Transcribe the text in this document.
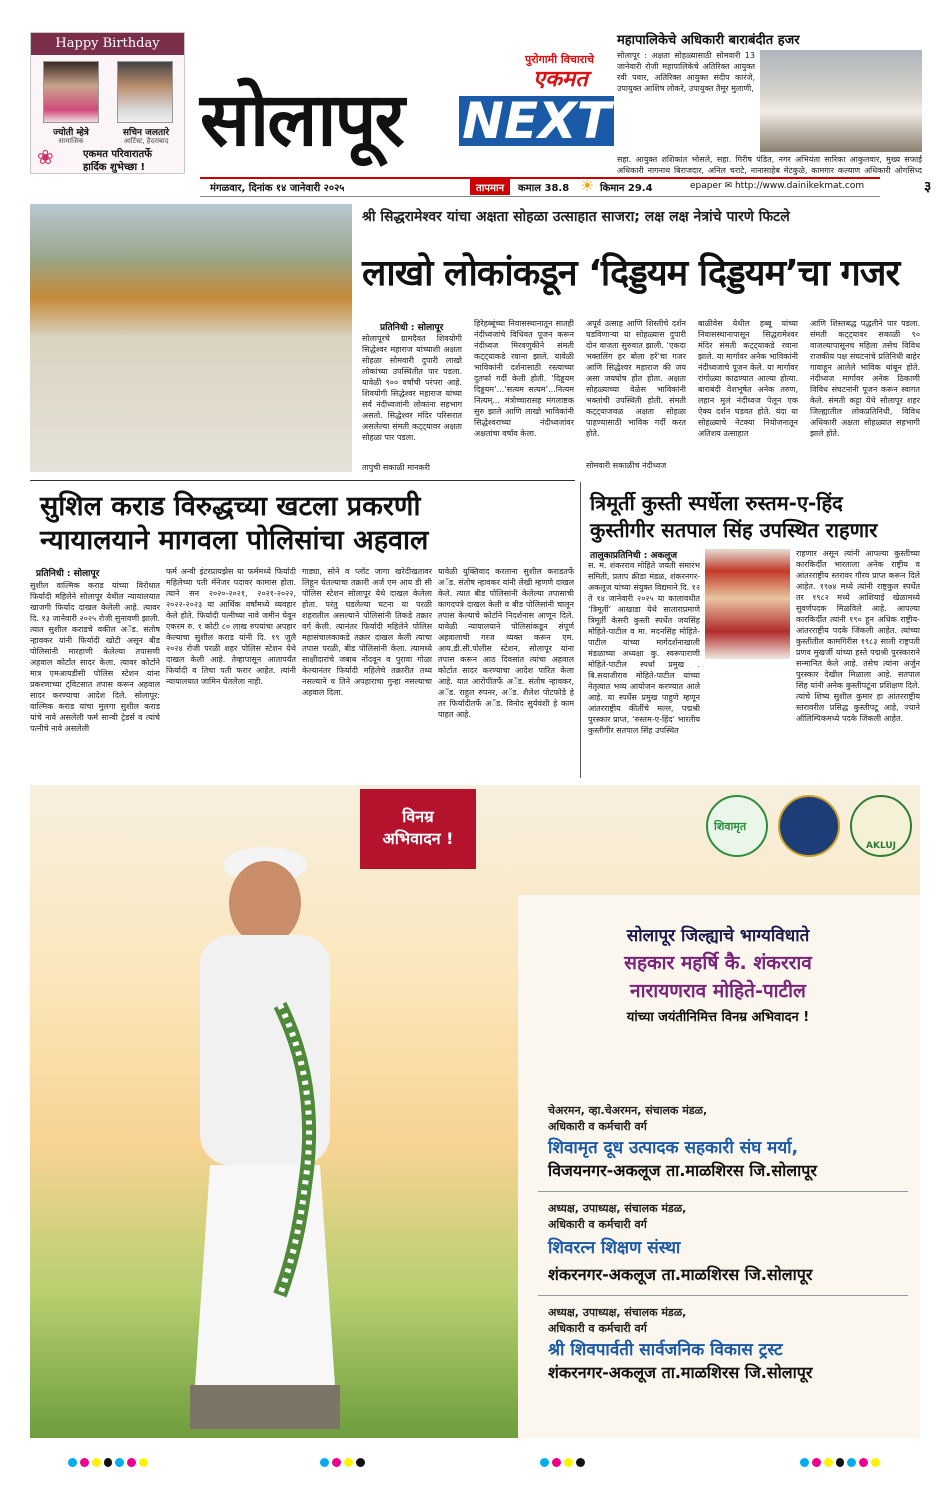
Happy Birthday
ज्योती म्हेत्रे
सामाजिक
सचिन जलतारे
आर्टिस्ट, हैदराबाद
❀	एकमत परिवारातर्फे
हार्दिक शुभेच्छा !
सोलापूर
पुरोगामी विचाराचे
एकमत
NEXT
मंगळवार, दिनांक १४ जानेवारी २०२५	तापमान	कमाल 38.8 ☀ किमान 29.4	epaper ✉ http://www.dainikekmat.com	३
महापालिकेचे अधिकारी बाराबंदीत हजर
सोलापूर : अक्षता सोहळ्यासाठी सोमवारी 13 जानेवारी रोजी महापालिकेचे अतिरिक्त आयुक्त रवी पवार, अतिरिक्त आयुक्त संदीप कारंजे, उपायुक्त आशिष लोकरे, उपायुक्त तैमूर मुलाणी,
सहा. आयुक्त शशिकांत भोसले, सहा. गिरीष पंडित, नगर अभियंता सारिका आकुलवार, मुख्य सफाई अधिकारी नागनाथ बिराजदार, अनिल चराटे, नानासाहेब मेटकुळे, कामगार कल्याण अधिकारी ओगसिध्द
श्री सिद्धरामेश्वर यांचा अक्षता सोहळा उत्साहात साजरा; लक्ष लक्ष नेत्रांचे पारणे फिटले
लाखो लोकांकडून ‘दिड्डयम दिड्डयम’चा गजर
प्रतिनिधी : सोलापूर
सोलापूरचे ग्रामदैवत शिवयोगी सिद्धेश्वर महाराज यांच्याशी अक्षता सोहळा सोमवारी दुपारी लाखो लोकांच्या उपस्थितीत पार पडला. यावेळी ९०० वर्षांची परंपरा आहे. शिवयोगी सिद्धेश्वर महाराज यांच्या सर्व नंदीध्वजांनी लोकांना सहभाग असतो. सिद्धेश्वर मंदिर परिसरात असलेल्या संमती कट्ट्यावर अक्षता सोहळा पार पडला.
तापुची सकाळी मानकरी
हिरेहब्बूंच्या निवासस्थानातून सातही नंदीध्वजांचे विधिवत पूजन करून नंदीध्वज मिरवणुकीने संमती कट्ट्याकडे रवाना झाले. यावेळी भाविकांनी दर्शनासाठी रस्त्याच्या दुतर्फा गर्दी केली होती. ‘दिड्डयम दिड्डयम’...‘सत्यम सत्यम’...नित्यम नित्यम्... मंत्रोच्चारासह मंगलाष्टक सुरु झाले आणि लाखो भाविकांनी सिद्धेश्वराच्या नंदीध्वजांवर अक्षतांचा वर्षाव केला.
अपूर्व उत्साह आणि शिस्तीचे दर्शन घडविणाऱ्या या सोहळ्यास दुपारी दोन वाजता सुरुवात झाली. ‘एकदा भक्तलिंग हर बोला हर्र’चा गजर आणि सिद्धेश्वर महाराज की जय असा जयघोष होत होता. अक्षता सोहळ्याच्या वेळेस भाविकांनी भक्तांची उपस्थिती होती. संमती कट्ट्याजवळ अक्षता सोहळा पाहण्यासाठी भाविक गर्दी करत होते.
सोमवारी सकाळीच नंदीध्वज
बाळीवेस येथील हब्बू यांच्या निवासस्थानापासून सिद्धरामेश्वर मंदिर संमती कट्ट्याकडे रवाना झाले. या मार्गावर अनेक भाविकांनी नंदीध्वजाचे पूजन केले. या मार्गावर रांगोळ्या काढण्यात आल्या होत्या. बाराबंदी वेशभूषेत अनेक तरुण, लहान मुलं नंदीध्वज पेलून एक ऐक्य दर्शन घडवत होते. यंदा या सोहळ्याचे नेटक्या नियोजनातून अतिशय उत्साहात
आणि शिस्तबद्ध पद्धतीने पार पडला. संमती कट्ट्यावर सकाळी ९० वाजल्यापासूनच महिला तसेच विविध राजकीय पक्ष संघटनांचे प्रतिनिधी बाहेर गावाहून आलेले भाविक थांबून होते. नंदीध्वज मार्गावर अनेक ठिकाणी विविध संघटनांनी पूजन करून स्वागत केले. संमती कट्टा येथे सोलापूर शहर जिल्ह्यातील लोकप्रतिनिधी, विविध अधिकारी अक्षता सोहळ्यात सहभागी झाले होते.
सुशिल कराड विरुद्धच्या खटला प्रकरणी
न्यायालयाने मागवला पोलिसांचा अहवाल
प्रतिनिधी : सोलापूर
सुशील वाल्मिक कराड यांच्या विरोधात फिर्यादी महिलेने सोलापूर येथील न्यायालयात खाजगी फिर्याद दाखल केलेली आहे. त्यावर दि. १३ जानेवारी २०२५ रोजी सुनावणी झाली. त्यात सुशील कराडचे वकील अॅड. संतोष न्हावकर यांनी फिर्यादी खोटी असून बीड पोलिसांनी मारहाणी केलेल्या तपासणी अहवाल कोर्टात सादर केला. त्यावर कोर्टाने मात्र एमआयडीसी पोलिस स्टेशन यांना प्रकरणाच्या ट्विटसात तपास करून अहवाल सादर करण्याचा आदेश दिले. सोलापूर: वाल्मिक कराड यांचा मुलगा सुशील कराड यांचे नावे असलेली फर्म सान्वी ट्रेडर्स व त्यांचे पत्नीचे नावे असलेली
फर्म अन्वी इंटरप्रायझेस या फर्ममध्ये फिर्यादी महिलेच्या पती मॅनेजर पदावर कामास होता. त्याने सन २०२०-२०२१, २०२१-२०२२, २०२२-२०२३ या आर्थिक वर्षांमध्ये व्यवहार केले होते. फिर्यादी पत्नीच्या नावे जमीन घेवून एकरम रु. १ कोटी ८० लाख रुपयांचा अपहार केल्याचा सुशील कराड यांनी दि. १९ जुलै २०२४ रोजी परळी शहर पोलिस स्टेशन येथे दाखल केली आहे. तेव्हापासून आतापर्यंत फिर्यादी व तिचा पती फरार आहेत. त्यांनी न्यायालयात जामिन घेतलेला नाही.
गाड्या, सोने व प्लॉट जागा खरेदीखतावर लिहून घेतल्याचा तक्रारी अर्ज एम आय डी सी पोलिस स्टेशन सोलापूर येथे दाखल केलेला होता. परंतु घडलेल्या घटना या परळी शहरातील असल्याने पोलिसांनी तिकडे तक्रार वर्ग केली. त्यानंतर फिर्यादी महिलेने पोलिस महासंचालकाकडे तक्रार दाखल केली त्याचा तपास परळी, बीड पोलिसांनी केला. त्यामध्ये साक्षीदारांचे जबाब नोंदवून व पुरावा गोळा केल्यानंतर फिर्यादी महिलेचे तक्रारीत तथ्य नसल्याने व तिने अपहाराचा गुन्हा नसल्याचा अहवाल दिला.
यावेळी युक्तिवाद करताना सुशील कराडतर्फे अॅड. संतोष न्हावकर यांनी लेखी म्हणणे दाखल केले. त्यात बीड पोलिसांनी केलेल्या तपासाची कागदपत्रे दाखल केली व बीड पोलिसांनी चालून तपास केल्याचे कोर्टाने निदर्शनास आणून दिले. यावेळी न्यायालयाने पोलिसांकडून संपूर्ण अहवालाची गरज व्यक्त करून एम. आय.डी.सी.पोलीस स्टेशन, सोलापूर यांना तपास करून आठ दिवसांत त्यांचा अहवाल कोर्टात सादर करण्याचा आदेश पारित केला आहे. यात आरोपीतर्फे अॅड. संतोष न्हावकर, अॅड. राहुल रुपनर, अॅड. शैलेश पोटफोडे हे तर फिर्यादीतर्फे अॅड. विनोद सुर्यवंशी हे काम पाहत आहे.
त्रिमूर्ती कुस्ती स्पर्धेला रुस्तम-ए-हिंद
कुस्तीगीर सतपाल सिंह उपस्थित राहणार
तालुकाप्रतिनिधी : अकलूज
स. म. शंकरराव मोहिते जयंती समारंभ समिती, प्रताप क्रीडा मंडळ, शंकरनगर-अकलूज यांच्या संयुक्त विद्यमाने दि. १२ ते १४ जानेवारी २०२५ या कालावधीत ‘त्रिमूर्ती’ आखाडा येथे साताराप्रमाणे त्रिमूर्ती केसरी कुस्ती स्पर्धेत जयसिंह मोहिते-पाटील व मा. मदनसिंह मोहिते-पाटील यांच्या मार्गदर्शनाखाली मंडळाच्या अध्यक्षा कु. स्वरूपाराणी मोहिते-पाटील स्पर्धा प्रमुख . बि.सयाजीराव मोहिते-पाटील यांच्या नेतृत्वात भव्य आयोजन करण्यात आले आहे. या स्पर्धेस प्रमुख पाहुणे म्हणून आंतरराष्ट्रीय कीर्तीचे मल्ल, पद्मश्री पुरस्कार प्राप्त, ‘रुस्तम-ए-हिंद’ भारतीय कुस्तीगीर सतपाल सिंह उपस्थित
राहणार असून त्यांनी आपल्या कुस्तीच्या कारकिर्दीत भारताला अनेक राष्ट्रीय व आंतरराष्ट्रीय स्तरावर गौरव प्राप्त करून दिले आहेत. १९७४ मध्ये त्यांनी राष्ट्रकुल स्पर्धेत तर १९८२ मध्ये आशियाई खेळामध्ये सुवर्णपदक मिळविले आहे. आपल्या कारकिर्दीत त्यांनी १९० हून अधिक राष्ट्रीय-आंतरराष्ट्रीय पदके जिंकली आहेत. त्यांच्या कुस्तीतील कामगिरीस १९८३ साली राष्ट्रपती प्रणव मुखर्जी यांच्या हस्ते पद्मश्री पुरस्काराने सन्मानित केले आहे. तसेच त्यांना अर्जुन पुरस्कार देखील मिळाला आहे. सतपाल सिंह यांनी अनेक कुस्तीपटूंना प्रशिक्षण दिले. त्यांचे शिष्य सुशील कुमार हा आंतरराष्ट्रीय स्तरावरील प्रसिद्ध कुस्तीपटू आहे, ज्याने ऑलिम्पिकमध्ये पदके जिंकली आहेत.
विनम्र
अभिवादन !
शिवामृत
AKLUJ
सोलापूर जिल्ह्याचे भाग्यविधाते
सहकार महर्षि कै. शंकरराव
नारायणराव मोहिते-पाटील
यांच्या जयंतीनिमित्त विनम्र अभिवादन !
चेअरमन, व्हा.चेअरमन, संचालक मंडळ,
अधिकारी व कर्मचारी वर्ग
शिवामृत दूध उत्पादक सहकारी संघ मर्या,
विजयनगर-अकलूज ता.माळशिरस जि.सोलापूर
अध्यक्ष, उपाध्यक्ष, संचालक मंडळ,
अधिकारी व कर्मचारी वर्ग
शिवरत्न शिक्षण संस्था
शंकरनगर-अकलूज ता.माळशिरस जि.सोलापूर
अध्यक्ष, उपाध्यक्ष, संचालक मंडळ,
अधिकारी व कर्मचारी वर्ग
श्री शिवपार्वती सार्वजनिक विकास ट्रस्ट
शंकरनगर-अकलूज ता.माळशिरस जि.सोलापूर
